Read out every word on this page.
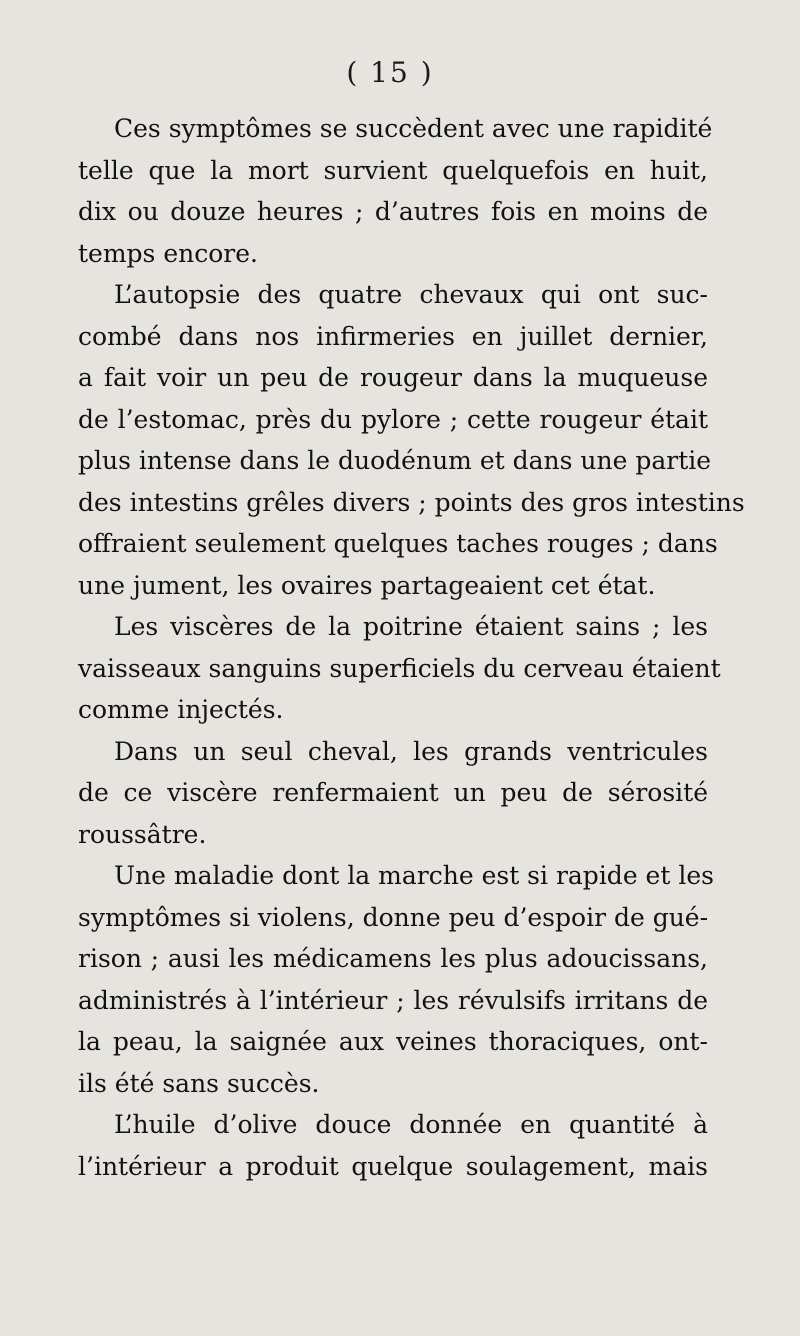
( 15 )
Ces symptômes se succèdent avec une rapidité
telle que la mort survient quelquefois en huit,
dix ou douze heures ; d’autres fois en moins de
temps encore.
L’autopsie des quatre chevaux qui ont suc-
combé dans nos infirmeries en juillet dernier,
a fait voir un peu de rougeur dans la muqueuse
de l’estomac, près du pylore ; cette rougeur était
plus intense dans le duodénum et dans une partie
des intestins grêles divers ; points des gros intestins
offraient seulement quelques taches rouges ; dans
une jument, les ovaires partageaient cet état.
Les viscères de la poitrine étaient sains ; les
vaisseaux sanguins superficiels du cerveau étaient
comme injectés.
Dans un seul cheval, les grands ventricules
de ce viscère renfermaient un peu de sérosité
roussâtre.
Une maladie dont la marche est si rapide et les
symptômes si violens, donne peu d’espoir de gué-
rison ; ausi les médicamens les plus adoucissans,
administrés à l’intérieur ; les révulsifs irritans de
la peau, la saignée aux veines thoraciques, ont-
ils été sans succès.
L’huile d’olive douce donnée en quantité à
l’intérieur a produit quelque soulagement, mais
